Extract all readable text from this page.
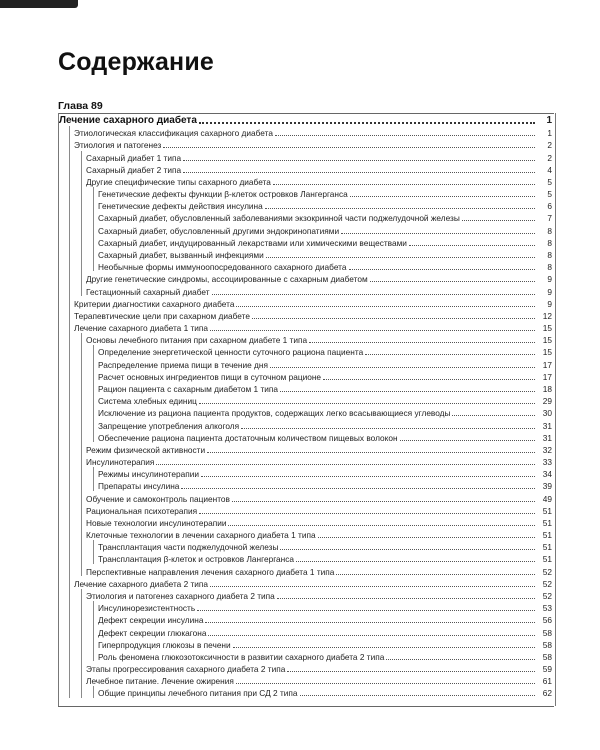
Содержание
Глава 89
Лечение сахарного диабета	1
Этиологическая классификация сахарного диабета	1
Этиология и патогенез	2
Сахарный диабет 1 типа	2
Сахарный диабет 2 типа	4
Другие специфические типы сахарного диабета	5
Генетические дефекты функции β-клеток островков Лангерганса	5
Генетические дефекты действия инсулина	6
Сахарный диабет, обусловленный заболеваниями экзокринной части поджелудочной железы	7
Сахарный диабет, обусловленный другими эндокринопатиями	8
Сахарный диабет, индуцированный лекарствами или химическими веществами	8
Сахарный диабет, вызванный инфекциями	8
Необычные формы иммуноопосредованного сахарного диабета	8
Другие генетические синдромы, ассоциированные с сахарным диабетом	9
Гестационный сахарный диабет	9
Критерии диагностики сахарного диабета	9
Терапевтические цели при сахарном диабете	12
Лечение сахарного диабета 1 типа	15
Основы лечебного питания при сахарном диабете 1 типа	15
Определение энергетической ценности суточного рациона пациента	15
Распределение приема пищи в течение дня	17
Расчет основных ингредиентов пищи в суточном рационе	17
Рацион пациента с сахарным диабетом 1 типа	18
Система хлебных единиц	29
Исключение из рациона пациента продуктов, содержащих легко всасывающиеся углеводы	30
Запрещение употребления алкоголя	31
Обеспечение рациона пациента достаточным количеством пищевых волокон	31
Режим физической активности	32
Инсулинотерапия	33
Режимы инсулинотерапии	34
Препараты инсулина	39
Обучение и самоконтроль пациентов	49
Рациональная психотерапия	51
Новые технологии инсулинотерапии	51
Клеточные технологии в лечении сахарного диабета 1 типа	51
Трансплантация части поджелудочной железы	51
Трансплантация β-клеток и островков Лангерганса	51
Перспективные направления лечения сахарного диабета 1 типа	52
Лечение сахарного диабета 2 типа	52
Этиология и патогенез сахарного диабета 2 типа	52
Инсулинорезистентность	53
Дефект секреции инсулина	56
Дефект секреции глюкагона	58
Гиперпродукция глюкозы в печени	58
Роль феномена глюкозотоксичности в развитии сахарного диабета 2 типа	58
Этапы прогрессирования сахарного диабета 2 типа	59
Лечебное питание. Лечение ожирения	61
Общие принципы лечебного питания при СД 2 типа	62
